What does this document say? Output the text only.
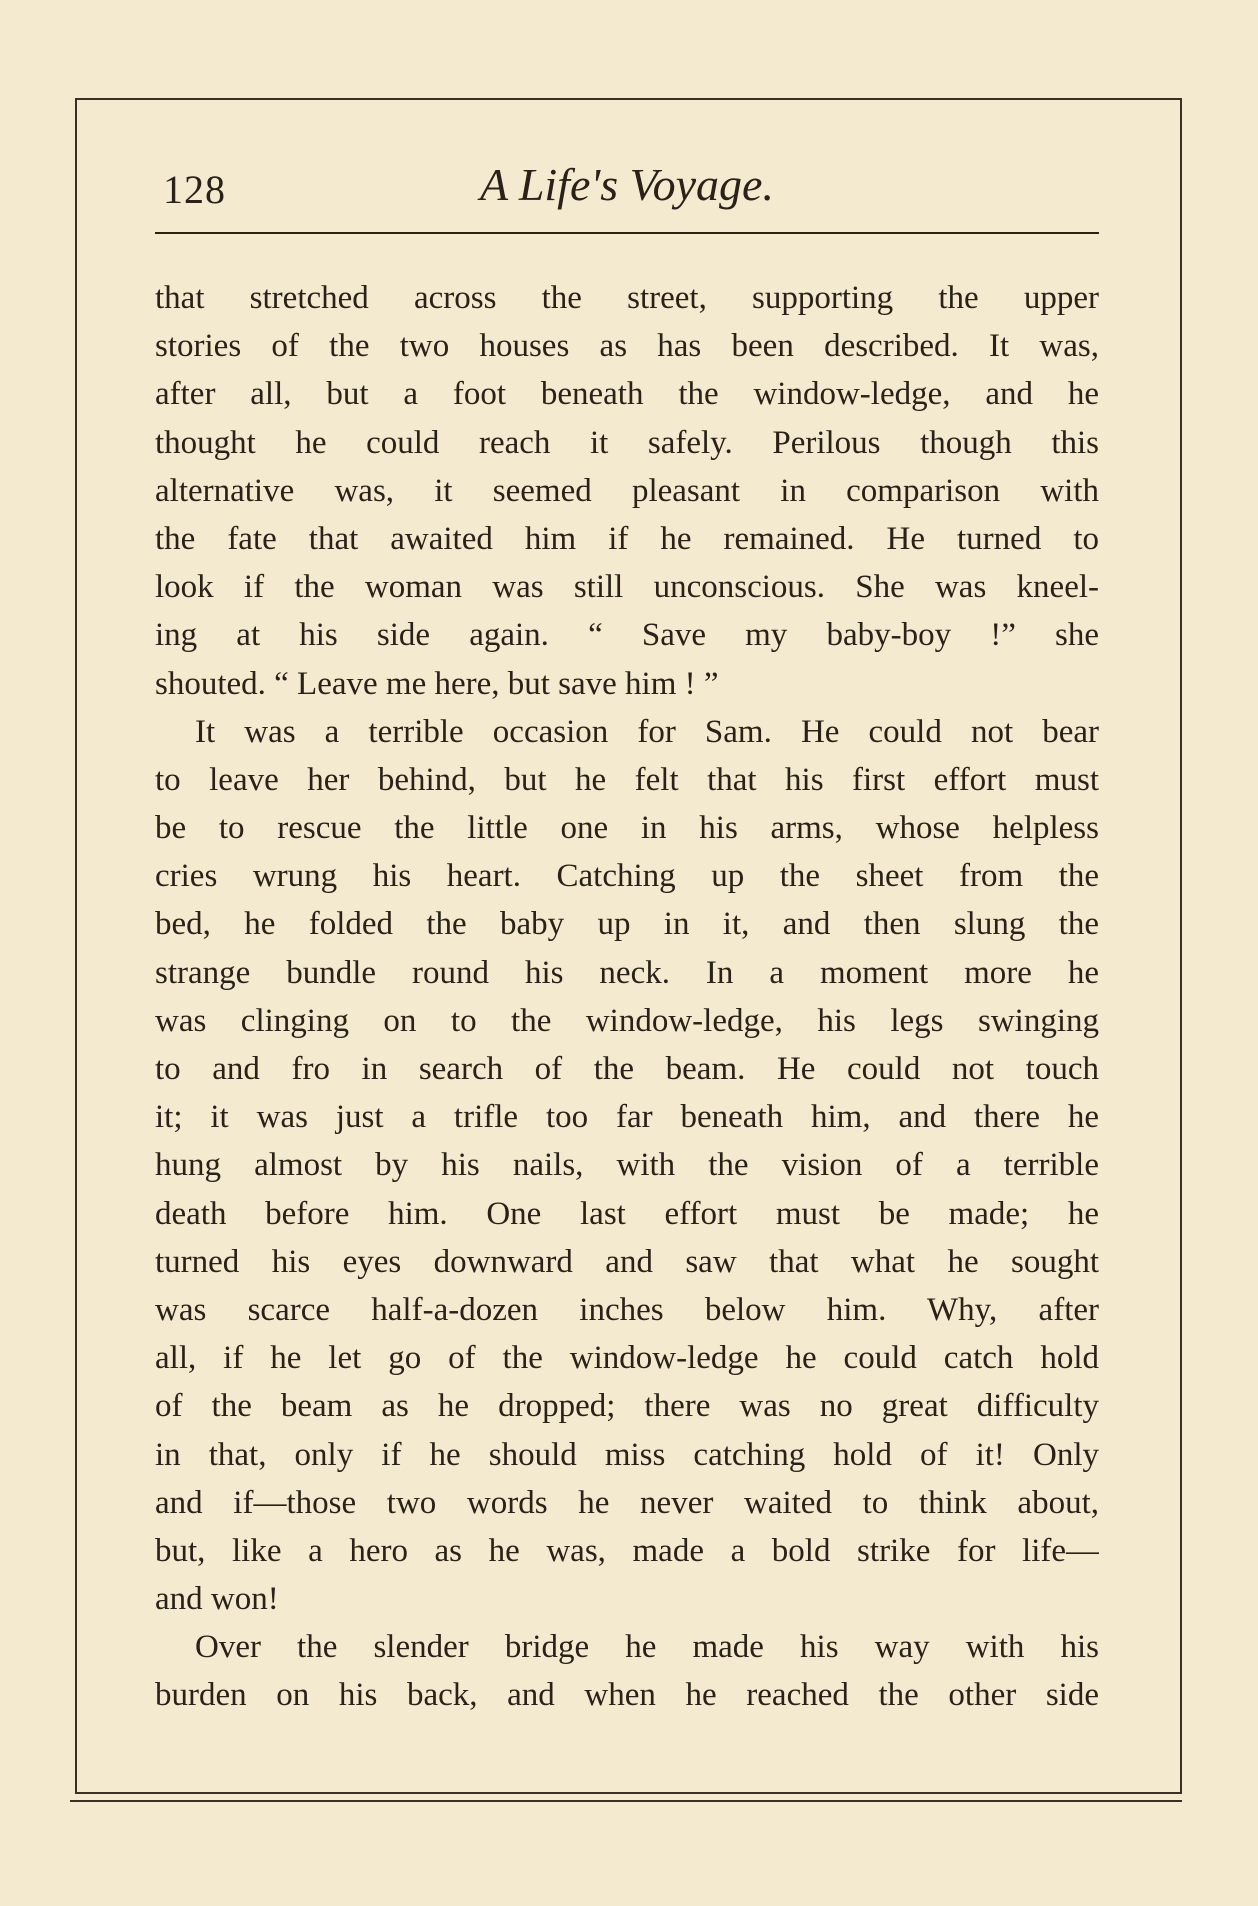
128	A Life's Voyage.
that stretched across the street, supporting the upper
stories of the two houses as has been described. It was,
after all, but a foot beneath the window-ledge, and he
thought he could reach it safely. Perilous though this
alternative was, it seemed pleasant in comparison with
the fate that awaited him if he remained. He turned to
look if the woman was still unconscious. She was kneel-
ing at his side again. “ Save my baby-boy !” she
shouted. “ Leave me here, but save him ! ”
It was a terrible occasion for Sam. He could not bear
to leave her behind, but he felt that his first effort must
be to rescue the little one in his arms, whose helpless
cries wrung his heart. Catching up the sheet from the
bed, he folded the baby up in it, and then slung the
strange bundle round his neck. In a moment more he
was clinging on to the window-ledge, his legs swinging
to and fro in search of the beam. He could not touch
it; it was just a trifle too far beneath him, and there he
hung almost by his nails, with the vision of a terrible
death before him. One last effort must be made; he
turned his eyes downward and saw that what he sought
was scarce half-a-dozen inches below him. Why, after
all, if he let go of the window-ledge he could catch hold
of the beam as he dropped; there was no great difficulty
in that, only if he should miss catching hold of it! Only
and if—those two words he never waited to think about,
but, like a hero as he was, made a bold strike for life—
and won!
Over the slender bridge he made his way with his
burden on his back, and when he reached the other side
